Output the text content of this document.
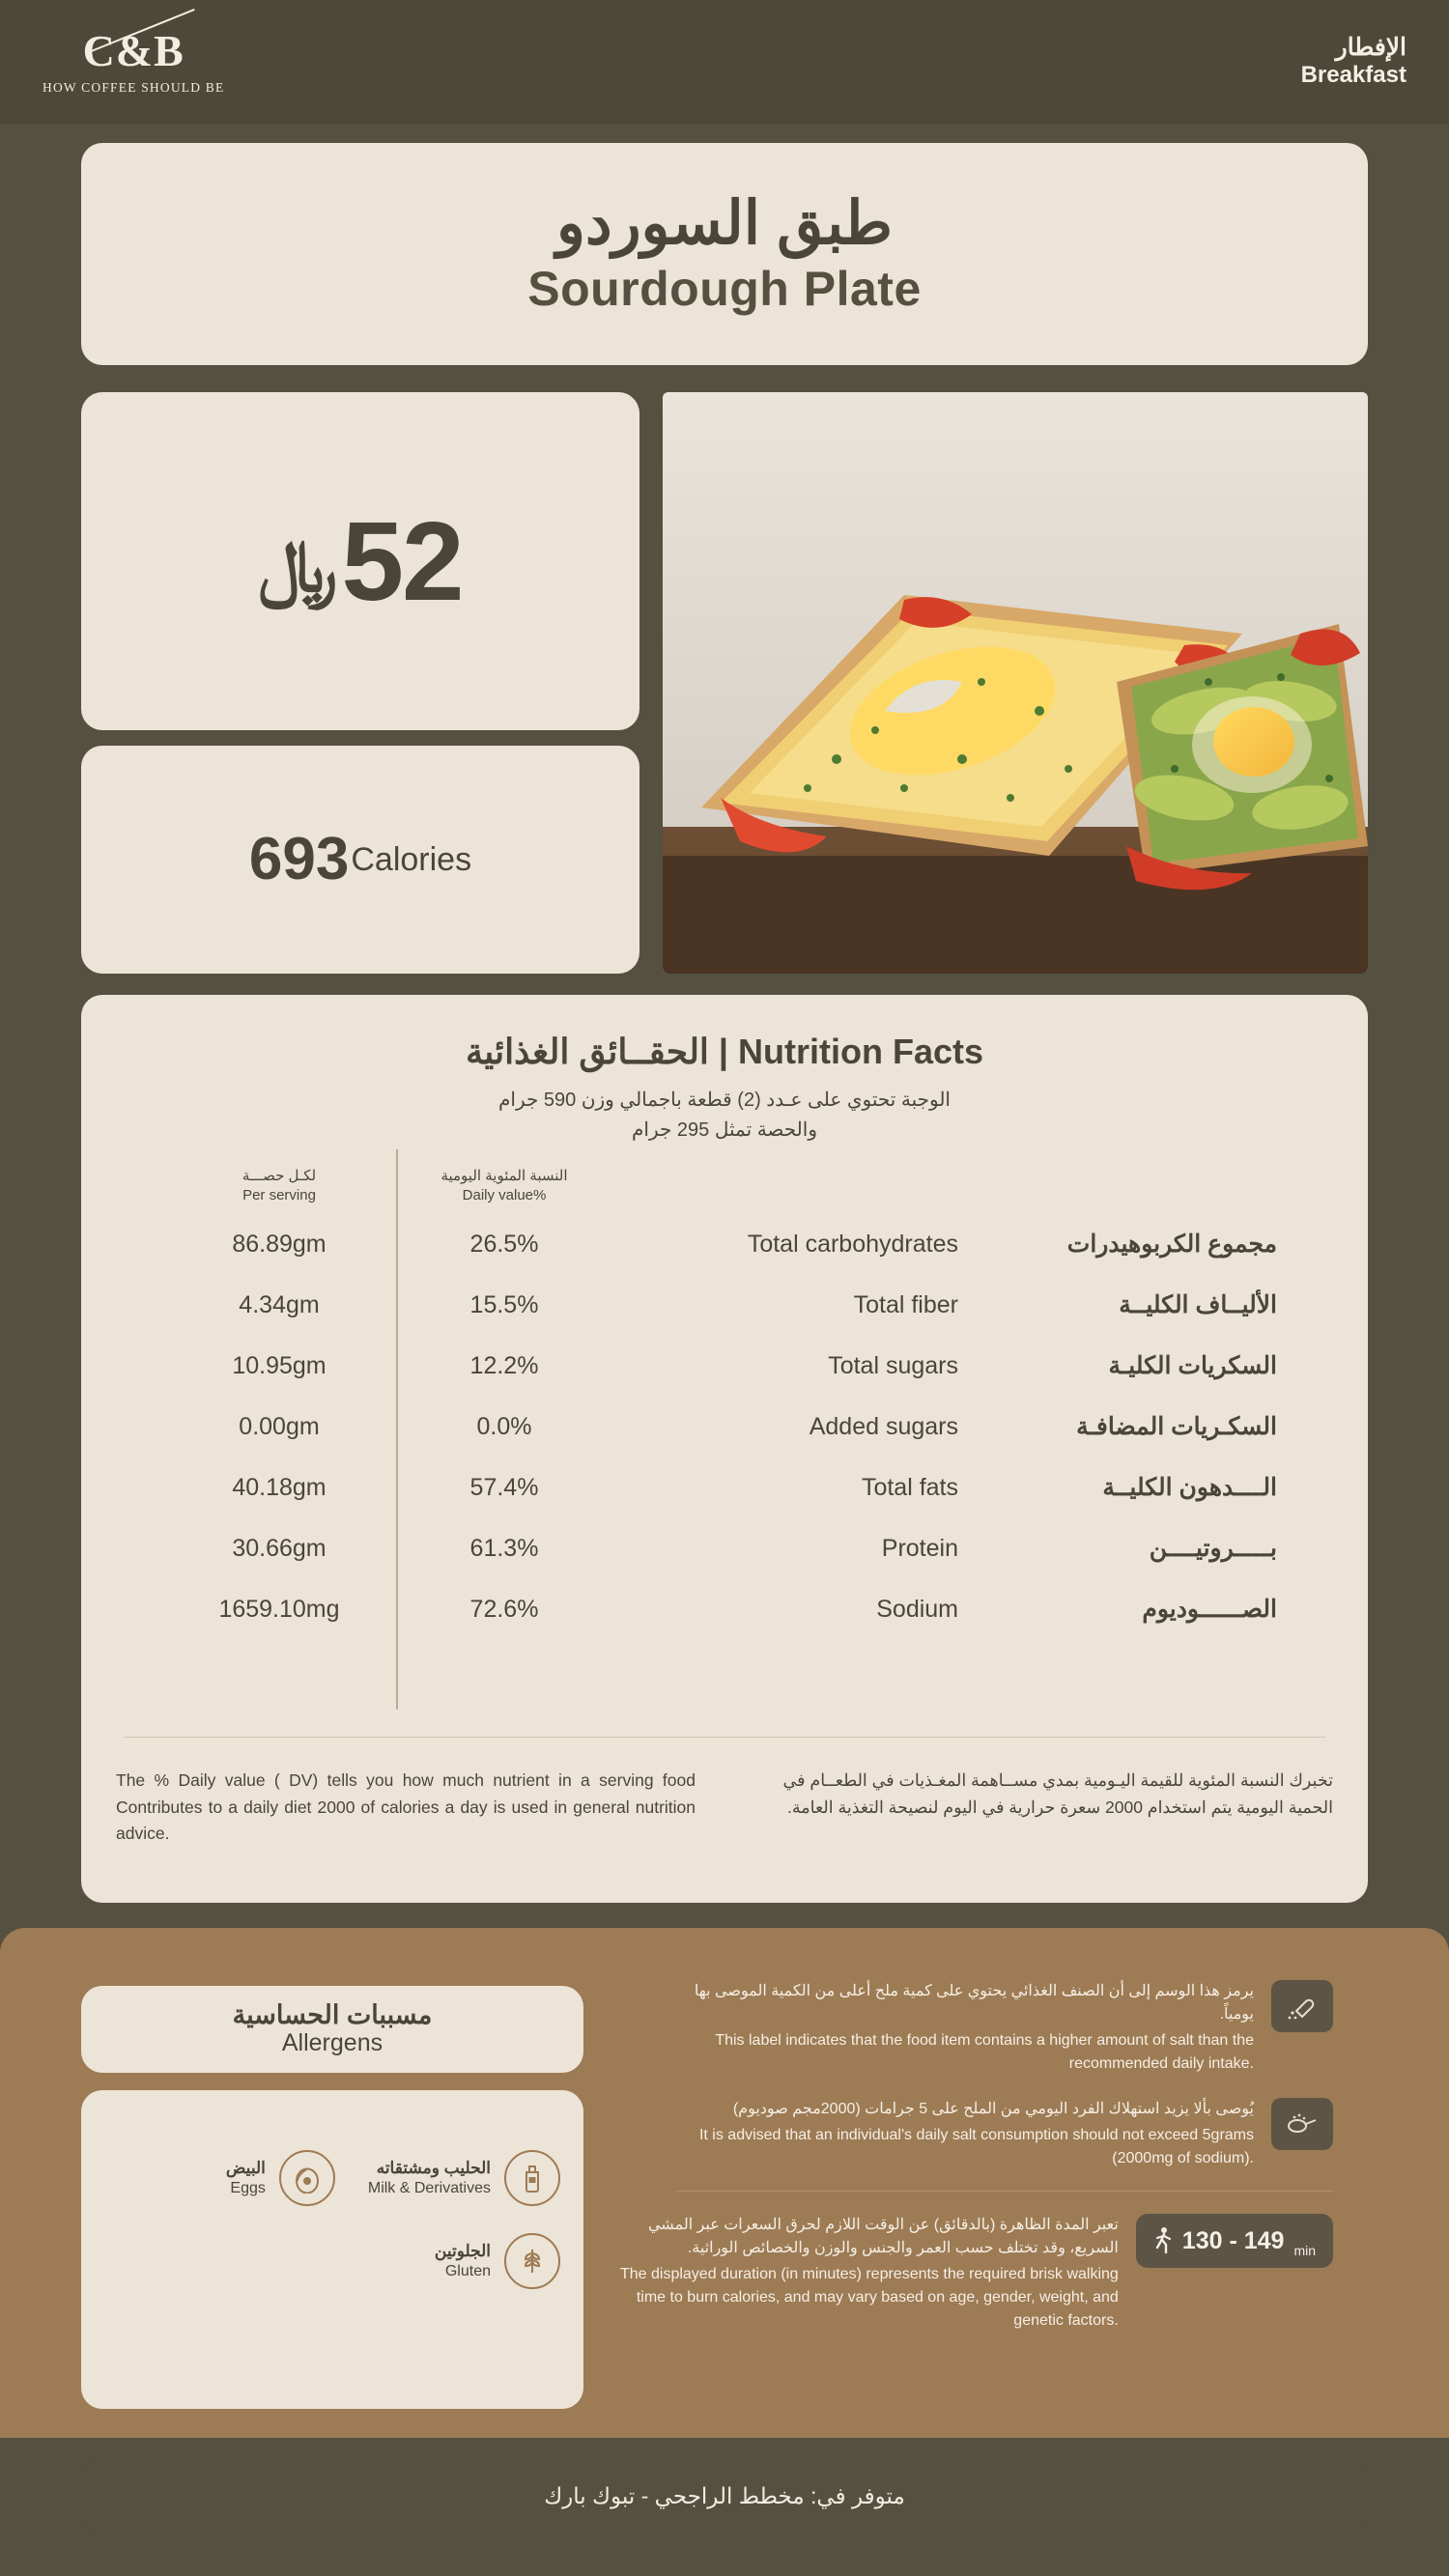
C&B
HOW COFFEE SHOULD BE
الإفطار
Breakfast
طبق السوردو
Sourdough Plate
﷼ 52
693 Calories
الحقــائق الغذائية | Nutrition Facts
الوجبة تحتوي على عـدد (2) قطعة باجمالي وزن 590 جرام
والحصة تمثل 295 جرام
لكـل حصـــة
Per serving
النسبة المئوية اليومية
Daily value%
86.89gm	26.5%	Total carbohydrates	مجموع الكربوهيدرات
4.34gm	15.5%	Total fiber	الأليــاف الكليــة
10.95gm	12.2%	Total sugars	السكريات الكليـة
0.00gm	0.0%	Added sugars	السكـريات المضافـة
40.18gm	57.4%	Total fats	الــــدهون الكليــة
30.66gm	61.3%	Protein	بـــــروتيــــن
1659.10mg	72.6%	Sodium	الصــــــوديوم
The % Daily value ( DV) tells you how much nutrient in a serving food Contributes to a daily diet 2000 of calories a day is used in general nutrition advice.
تخبرك النسبة المئوية للقيمة اليـومية بمدي مســاهمة المغـذيات في الطعــام في الحمية اليومية يتم استخدام 2000 سعرة حرارية في اليوم لنصيحة التغذية العامة.
مسببات الحساسية
Allergens
البيض
Eggs
الحليب ومشتقاته
Milk & Derivatives
الجلوتين
Gluten
يرمز هذا الوسم إلى أن الصنف الغذائي يحتوي على كمية ملح أعلى من الكمية الموصى بها يومياً.
This label indicates that the food item contains a higher amount of salt than the recommended daily intake.
يُوصى بألا يزيد استهلاك الفرد اليومي من الملح على 5 جرامات (2000مجم صوديوم)
It is advised that an individual's daily salt consumption should not exceed 5grams (2000mg of sodium).
130 - 149 min
تعبر المدة الظاهرة (بالدقائق) عن الوقت اللازم لحرق السعرات عبر المشي السريع، وقد تختلف حسب العمر والجنس والوزن والخصائص الوراثية.
The displayed duration (in minutes) represents the required brisk walking time to burn calories, and may vary based on age, gender, weight, and genetic factors.
متوفر في: مخطط الراجحي - تبوك بارك
